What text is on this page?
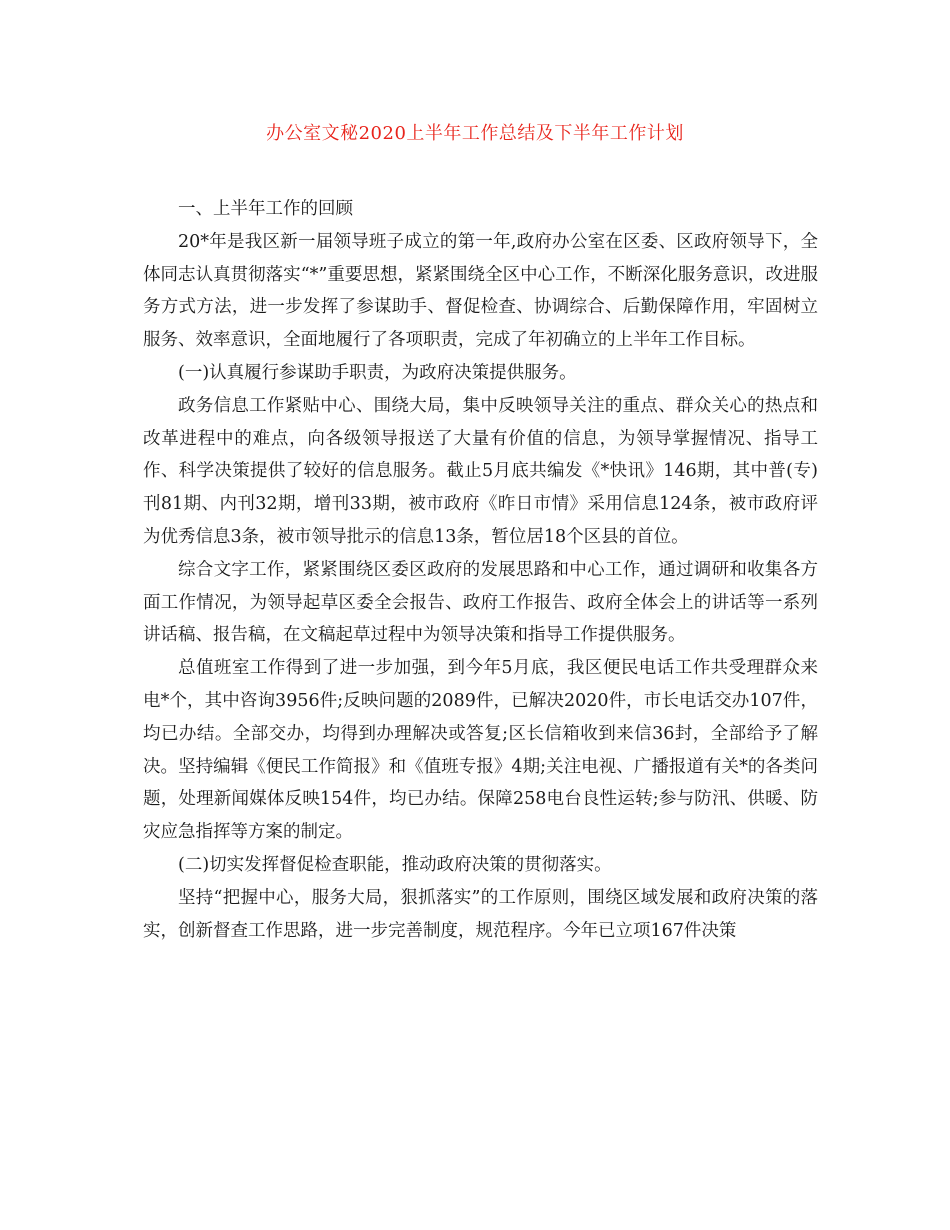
办公室文秘2020上半年工作总结及下半年工作计划

一、上半年工作的回顾

20*年是我区新一届领导班子成立的第一年,政府办公室在区委、区政府领导下，全体同志认真贯彻落实“*”重要思想，紧紧围绕全区中心工作，不断深化服务意识，改进服务方式方法，进一步发挥了参谋助手、督促检查、协调综合、后勤保障作用，牢固树立服务、效率意识，全面地履行了各项职责，完成了年初确立的上半年工作目标。

(一)认真履行参谋助手职责，为政府决策提供服务。

政务信息工作紧贴中心、围绕大局，集中反映领导关注的重点、群众关心的热点和改革进程中的难点，向各级领导报送了大量有价值的信息，为领导掌握情况、指导工作、科学决策提供了较好的信息服务。截止5月底共编发《*快讯》146期，其中普(专)刊81期、内刊32期，增刊33期，被市政府《昨日市情》采用信息124条，被市政府评为优秀信息3条，被市领导批示的信息13条，暂位居18个区县的首位。

综合文字工作，紧紧围绕区委区政府的发展思路和中心工作，通过调研和收集各方面工作情况，为领导起草区委全会报告、政府工作报告、政府全体会上的讲话等一系列讲话稿、报告稿，在文稿起草过程中为领导决策和指导工作提供服务。

总值班室工作得到了进一步加强，到今年5月底，我区便民电话工作共受理群众来电*个，其中咨询3956件;反映问题的2089件，已解决2020件，市长电话交办107件，均已办结。全部交办，均得到办理解决或答复;区长信箱收到来信36封，全部给予了解决。坚持编辑《便民工作简报》和《值班专报》4期;关注电视、广播报道有关*的各类问题，处理新闻媒体反映154件，均已办结。保障258电台良性运转;参与防汛、供暖、防灾应急指挥等方案的制定。

(二)切实发挥督促检查职能，推动政府决策的贯彻落实。

坚持“把握中心，服务大局，狠抓落实”的工作原则，围绕区域发展和政府决策的落实，创新督查工作思路，进一步完善制度，规范程序。今年已立项167件决策
